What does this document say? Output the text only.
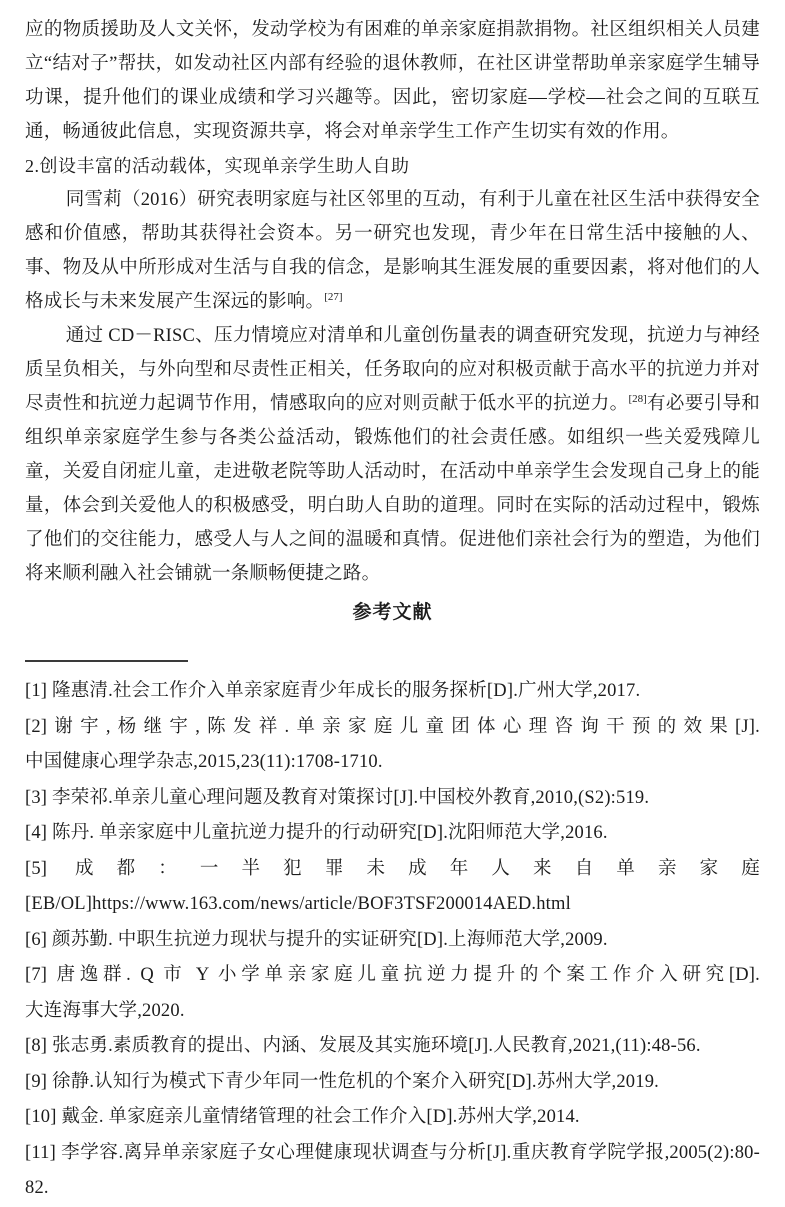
应的物质援助及人文关怀，发动学校为有困难的单亲家庭捐款捐物。社区组织相关人员建立“结对子”帮扶，如发动社区内部有经验的退休教师，在社区讲堂帮助单亲家庭学生辅导功课，提升他们的课业成绩和学习兴趣等。因此，密切家庭—学校—社会之间的互联互通，畅通彼此信息，实现资源共享，将会对单亲学生工作产生切实有效的作用。

2.创设丰富的活动载体，实现单亲学生助人自助

同雪莉（2016）研究表明家庭与社区邻里的互动，有利于儿童在社区生活中获得安全感和价值感，帮助其获得社会资本。另一研究也发现，青少年在日常生活中接触的人、事、物及从中所形成对生活与自我的信念，是影响其生涯发展的重要因素，将对他们的人格成长与未来发展产生深远的影响。[27]

通过 CD－RISC、压力情境应对清单和儿童创伤量表的调查研究发现，抗逆力与神经质呈负相关，与外向型和尽责性正相关，任务取向的应对积极贡献于高水平的抗逆力并对尽责性和抗逆力起调节作用，情感取向的应对则贡献于低水平的抗逆力。[28]有必要引导和组织单亲家庭学生参与各类公益活动，锻炼他们的社会责任感。如组织一些关爱残障儿童，关爱自闭症儿童，走进敬老院等助人活动时，在活动中单亲学生会发现自己身上的能量，体会到关爱他人的积极感受，明白助人自助的道理。同时在实际的活动过程中，锻炼了他们的交往能力，感受人与人之间的温暖和真情。促进他们亲社会行为的塑造，为他们将来顺利融入社会铺就一条顺畅便捷之路。

参考文献

[1] 隆惠清.社会工作介入单亲家庭青少年成长的服务探析[D].广州大学,2017.

[2]谢宇,杨继宇,陈发祥.单亲家庭儿童团体心理咨询干预的效果[J].中国健康心理学杂志,2015,23(11):1708-1710.

[3] 李荣祁.单亲儿童心理问题及教育对策探讨[J].中国校外教育,2010,(S2):519.

[4] 陈丹. 单亲家庭中儿童抗逆力提升的行动研究[D].沈阳师范大学,2016.

[5] 成都：一半犯罪未成年人来自单亲家庭[EB/OL]https://www.163.com/news/article/BOF3TSF200014AED.html

[6] 颜苏勤. 中职生抗逆力现状与提升的实证研究[D].上海师范大学,2009.

[7] 唐逸群. Q 市 Y 小学单亲家庭儿童抗逆力提升的个案工作介入研究[D].大连海事大学,2020.

[8] 张志勇.素质教育的提出、内涵、发展及其实施环境[J].人民教育,2021,(11):48-56.

[9] 徐静.认知行为模式下青少年同一性危机的个案介入研究[D].苏州大学,2019.

[10] 戴金. 单家庭亲儿童情绪管理的社会工作介入[D].苏州大学,2014.

[11] 李学容.离异单亲家庭子女心理健康现状调查与分析[J].重庆教育学院学报,2005(2):80-82.
